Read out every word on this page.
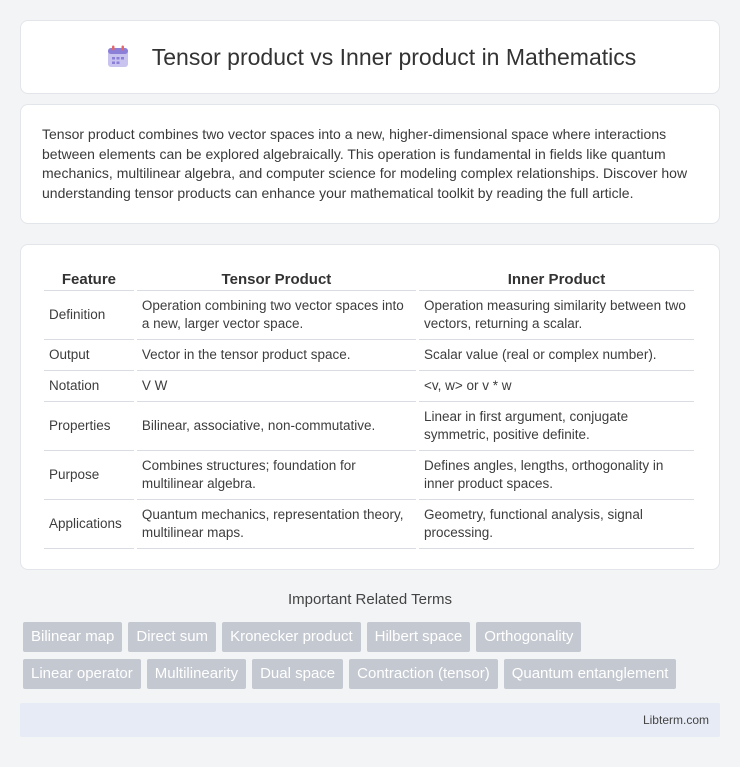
Tensor product vs Inner product in Mathematics

Tensor product combines two vector spaces into a new, higher-dimensional space where interactions between elements can be explored algebraically. This operation is fundamental in fields like quantum mechanics, multilinear algebra, and computer science for modeling complex relationships. Discover how understanding tensor products can enhance your mathematical toolkit by reading the full article.

Feature	Tensor Product	Inner Product
Definition	Operation combining two vector spaces into a new, larger vector space.	Operation measuring similarity between two vectors, returning a scalar.
Output	Vector in the tensor product space.	Scalar value (real or complex number).
Notation	V W	<v, w> or v * w
Properties	Bilinear, associative, non-commutative.	Linear in first argument, conjugate symmetric, positive definite.
Purpose	Combines structures; foundation for multilinear algebra.	Defines angles, lengths, orthogonality in inner product spaces.
Applications	Quantum mechanics, representation theory, multilinear maps.	Geometry, functional analysis, signal processing.
Important Related Terms
Bilinear map	Direct sum	Kronecker product	Hilbert space	Orthogonality
Linear operator	Multilinearity	Dual space	Contraction (tensor)	Quantum entanglement
Libterm.com
